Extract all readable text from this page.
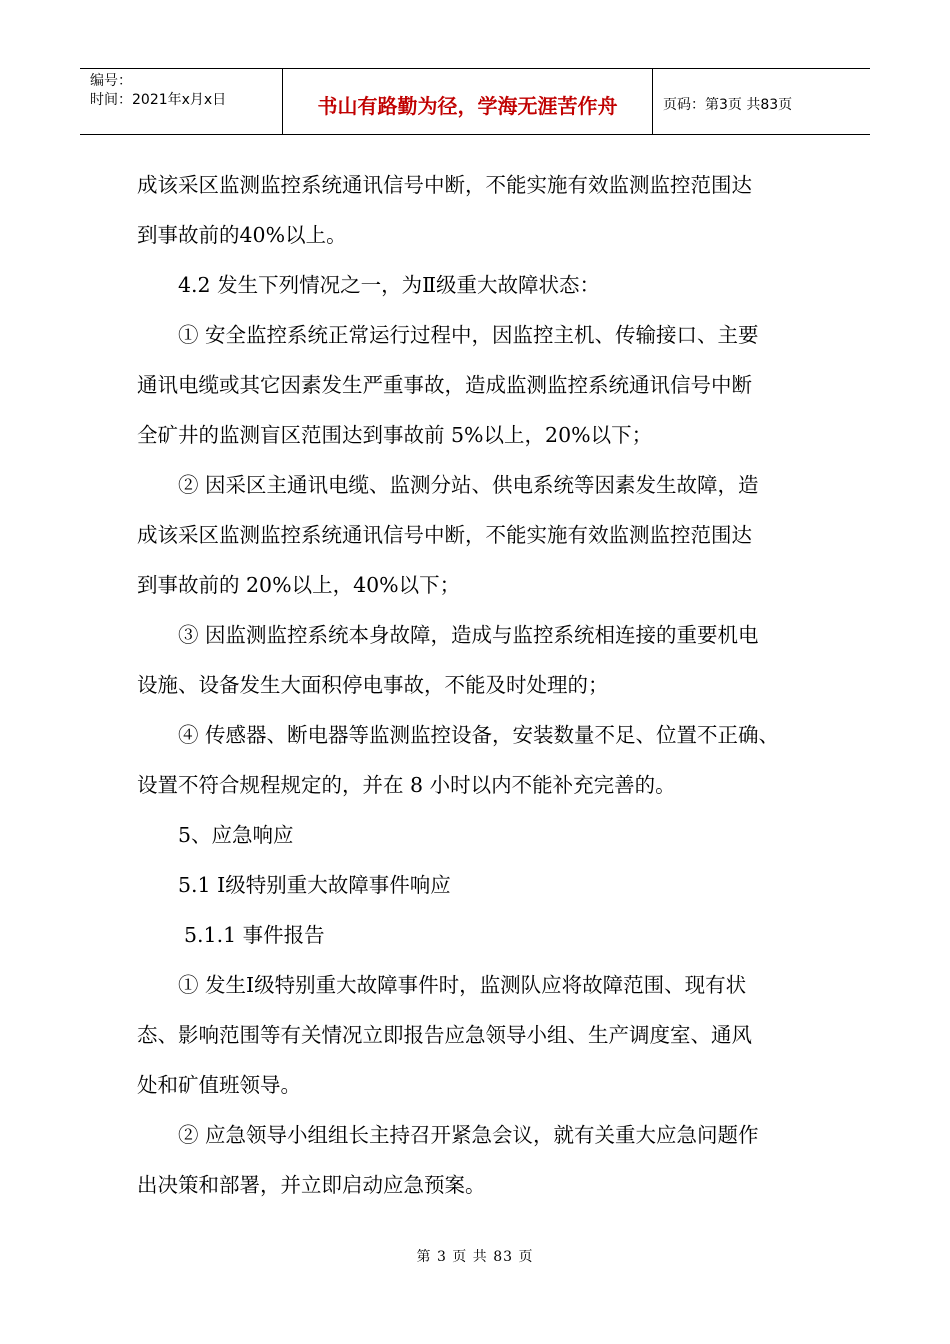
编号：
时间：2021年x月x日	书山有路勤为径，学海无涯苦作舟	页码：第3页 共83页

成该采区监测监控系统通讯信号中断，不能实施有效监测监控范围达

到事故前的40%以上。

4.2 发生下列情况之一，为Ⅱ级重大故障状态：

① 安全监控系统正常运行过程中，因监控主机、传输接口、主要

通讯电缆或其它因素发生严重事故，造成监测监控系统通讯信号中断

全矿井的监测盲区范围达到事故前 5%以上，20%以下；

② 因采区主通讯电缆、监测分站、供电系统等因素发生故障，造

成该采区监测监控系统通讯信号中断，不能实施有效监测监控范围达

到事故前的 20%以上，40%以下；

③ 因监测监控系统本身故障，造成与监控系统相连接的重要机电

设施、设备发生大面积停电事故，不能及时处理的；

④ 传感器、断电器等监测监控设备，安装数量不足、位置不正确、

设置不符合规程规定的，并在 8 小时以内不能补充完善的。

5、应急响应

5.1 Ⅰ级特别重大故障事件响应

5.1.1 事件报告

① 发生Ⅰ级特别重大故障事件时，监测队应将故障范围、现有状

态、影响范围等有关情况立即报告应急领导小组、生产调度室、通风

处和矿值班领导。

② 应急领导小组组长主持召开紧急会议，就有关重大应急问题作

出决策和部署，并立即启动应急预案。

第 3 页 共 83 页
